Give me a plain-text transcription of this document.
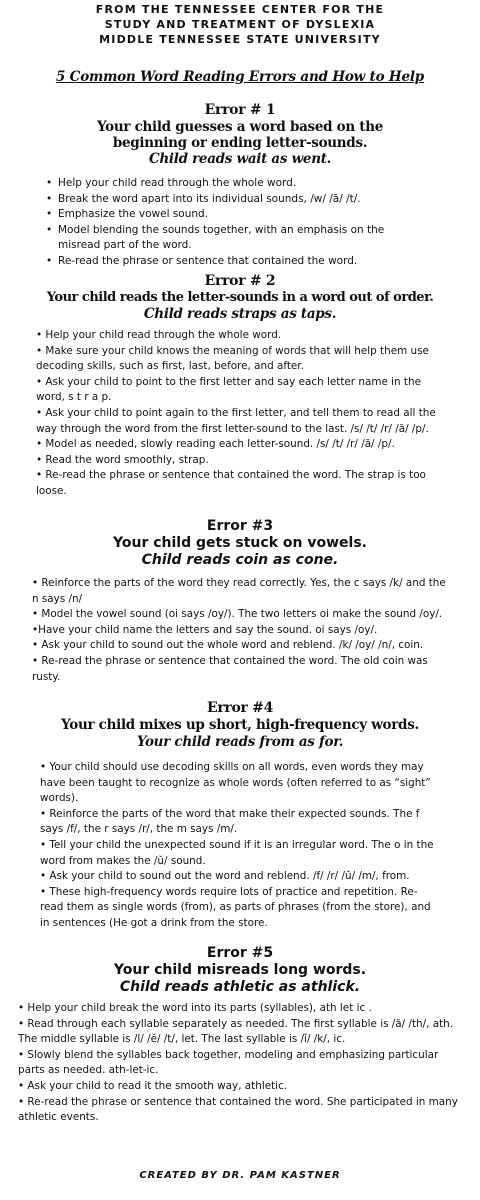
FROM THE TENNESSEE CENTER FOR THE
STUDY AND TREATMENT OF DYSLEXIA
MIDDLE TENNESSEE STATE UNIVERSITY
5 Common Word Reading Errors and How to Help
Error # 1
Your child guesses a word based on the
beginning or ending letter-sounds.
Child reads wait as went.
• Help your child read through the whole word.
• Break the word apart into its individual sounds, /w/ /ā/ /t/.
• Emphasize the vowel sound.
• Model blending the sounds together, with an emphasis on the misread part of the word.
• Re-read the phrase or sentence that contained the word.
Error # 2
Your child reads the letter-sounds in a word out of order.
Child reads straps as taps.
• Help your child read through the whole word.
• Make sure your child knows the meaning of words that will help them use decoding skills, such as first, last, before, and after.
• Ask your child to point to the first letter and say each letter name in the word, s t r a p.
• Ask your child to point again to the first letter, and tell them to read all the way through the word from the first letter-sound to the last. /s/ /t/ /r/ /ă/ /p/.
• Model as needed, slowly reading each letter-sound. /s/ /t/ /r/ /ă/ /p/.
• Read the word smoothly, strap.
• Re-read the phrase or sentence that contained the word. The strap is too loose.
Error #3
Your child gets stuck on vowels.
Child reads coin as cone.
• Reinforce the parts of the word they read correctly. Yes, the c says /k/ and the n says /n/
• Model the vowel sound (oi says /oy/). The two letters oi make the sound /oy/.
•Have your child name the letters and say the sound. oi says /oy/.
• Ask your child to sound out the whole word and reblend. /k/ /oy/ /n/, coin.
• Re-read the phrase or sentence that contained the word. The old coin was rusty.
Error #4
Your child mixes up short, high-frequency words.
Your child reads from as for.
• Your child should use decoding skills on all words, even words they may have been taught to recognize as whole words (often referred to as “sight” words).
• Reinforce the parts of the word that make their expected sounds. The f says /f/, the r says /r/, the m says /m/.
• Tell your child the unexpected sound if it is an irregular word. The o in the word from makes the /ŭ/ sound.
• Ask your child to sound out the word and reblend. /f/ /r/ /ŭ/ /m/, from.
• These high-frequency words require lots of practice and repetition. Re-read them as single words (from), as parts of phrases (from the store), and in sentences (He got a drink from the store.
Error #5
Your child misreads long words.
Child reads athletic as athlick.
• Help your child break the word into its parts (syllables), ath let ic .
• Read through each syllable separately as needed. The first syllable is /ă/ /th/, ath. The middle syllable is /l/ /ĕ/ /t/, let. The last syllable is /ĭ/ /k/, ic.
• Slowly blend the syllables back together, modeling and emphasizing particular parts as needed. ath-let-ic.
• Ask your child to read it the smooth way, athletic.
• Re-read the phrase or sentence that contained the word. She participated in many athletic events.
CREATED BY DR. PAM KASTNER
